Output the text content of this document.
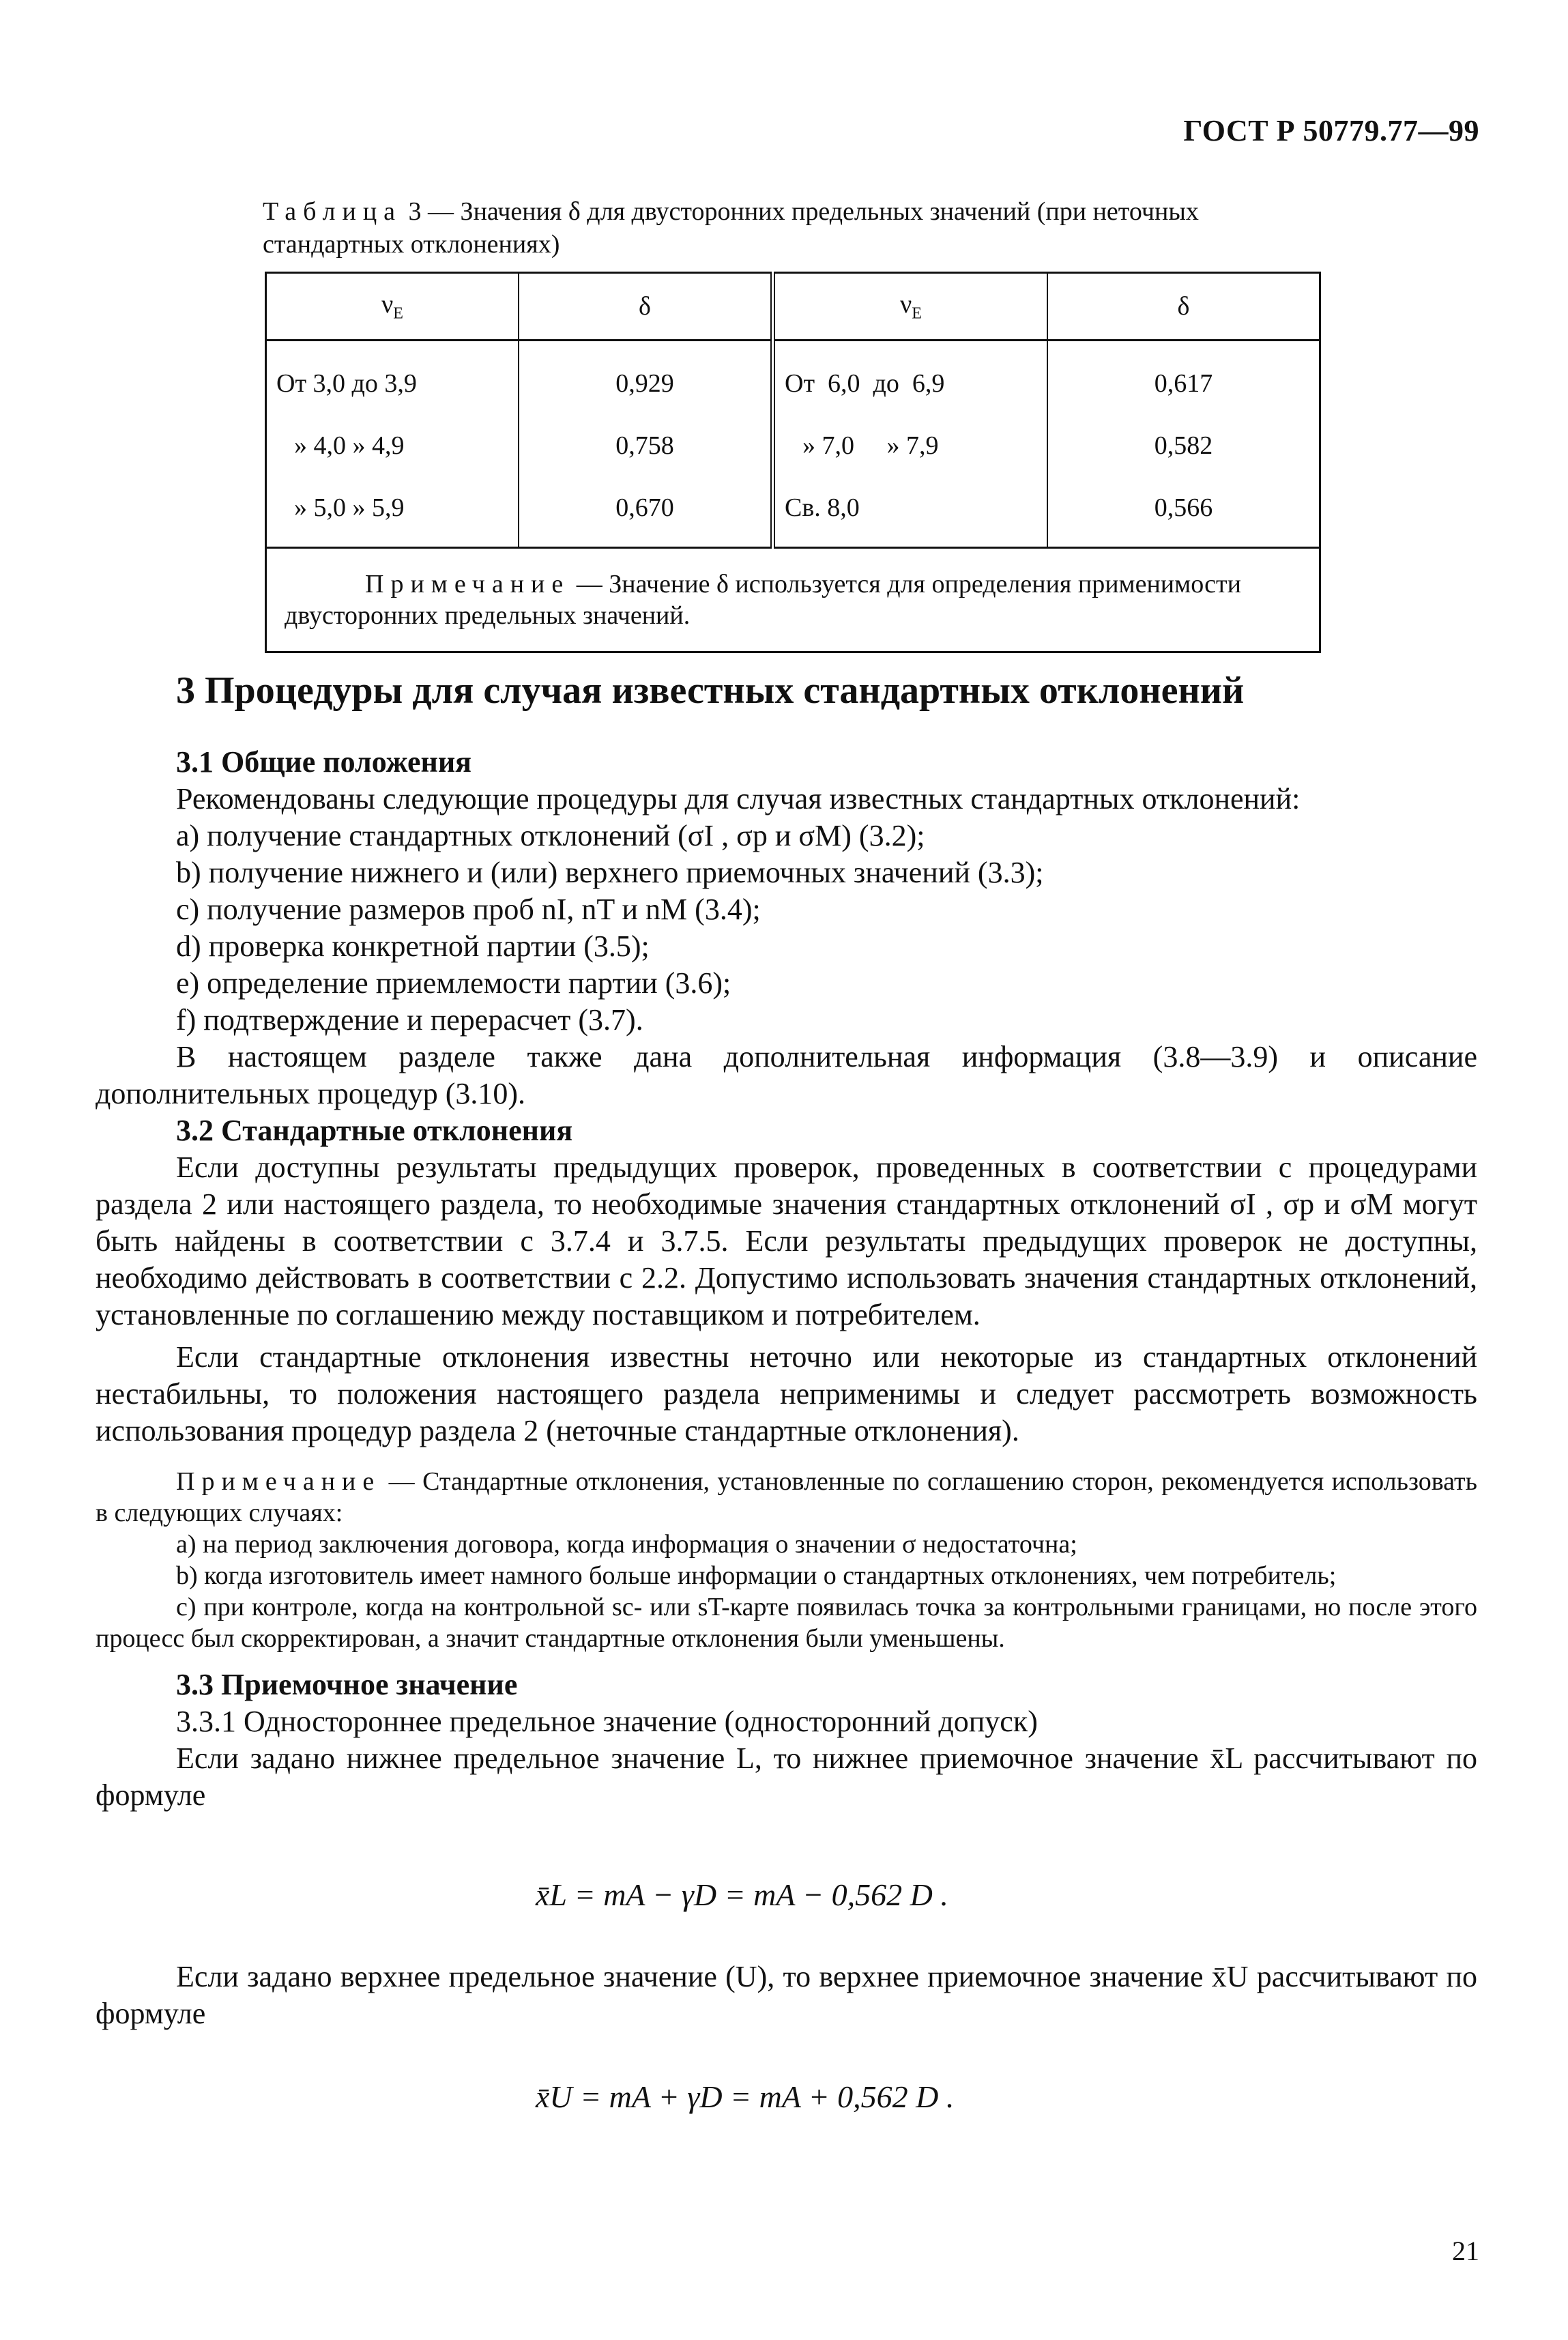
ГОСТ Р 50779.77—99
Таблица 3 — Значения δ для двусторонних предельных значений (при неточных стандартных отклонениях)
$\nu_E$	δ	$\nu_E$	δ
От 3,0 до 3,9	0,929	От  6,0  до  6,9	0,617
» 4,0 » 4,9	0,758	» 7,0     » 7,9	0,582
» 5,0 » 5,9	0,670	Св. 8,0	0,566
Примечание — Значение δ используется для определения применимости двусторонних предельных значений.			
3 Процедуры для случая известных стандартных отклонений
3.1 Общие положения
Рекомендованы следующие процедуры для случая известных стандартных отклонений:
a) получение стандартных отклонений (σI , σp и σM) (3.2);
b) получение нижнего и (или) верхнего приемочных значений (3.3);
c) получение размеров проб nI, nT и nM (3.4);
d) проверка конкретной партии (3.5);
e) определение приемлемости партии (3.6);
f) подтверждение и перерасчет (3.7).
В настоящем разделе также дана дополнительная информация (3.8—3.9) и описание дополнительных процедур (3.10).
3.2 Стандартные отклонения
Если доступны результаты предыдущих проверок, проведенных в соответствии с процедурами раздела 2 или настоящего раздела, то необходимые значения стандартных отклонений σI , σp и σM могут быть найдены в соответствии с 3.7.4 и 3.7.5. Если результаты предыдущих проверок не доступны, необходимо действовать в соответствии с 2.2. Допустимо использовать значения стандартных отклонений, установленные по соглашению между поставщиком и потребителем.
Если стандартные отклонения известны неточно или некоторые из стандартных отклонений нестабильны, то положения настоящего раздела неприменимы и следует рассмотреть возможность использования процедур раздела 2 (неточные стандартные отклонения).
Примечание — Стандартные отклонения, установленные по соглашению сторон, рекомендуется использовать в следующих случаях:
a) на период заключения договора, когда информация о значении σ недостаточна;
b) когда изготовитель имеет намного больше информации о стандартных отклонениях, чем потребитель;
c) при контроле, когда на контрольной sc- или sT-карте появилась точка за контрольными границами, но после этого процесс был скорректирован, а значит стандартные отклонения были уменьшены.
3.3 Приемочное значение
3.3.1 Одностороннее предельное значение (односторонний допуск)
Если задано нижнее предельное значение L, то нижнее приемочное значение x̄L рассчитывают по формуле
x̄L = mA − γD = mA − 0,562 D .
Если задано верхнее предельное значение (U), то верхнее приемочное значение x̄U рассчитывают по формуле
x̄U = mA + γD = mA + 0,562 D .
21
